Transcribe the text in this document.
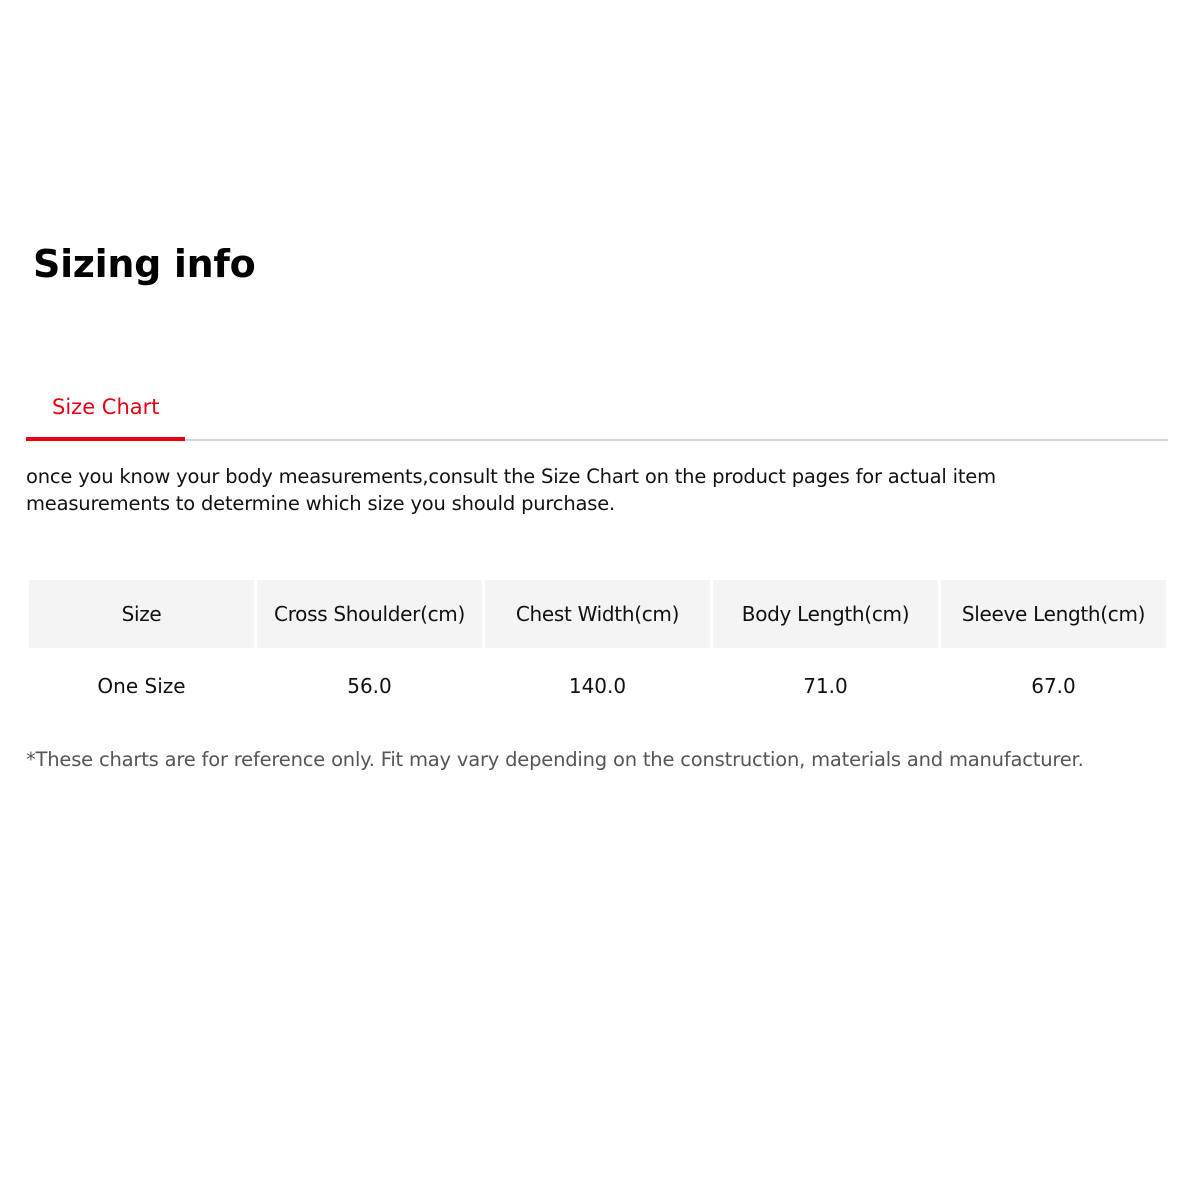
Sizing info
Size Chart

once you know your body measurements,consult the Size Chart on the product pages for actual item measurements to determine which size you should purchase.

Size	Cross Shoulder(cm)	Chest Width(cm)	Body Length(cm)	Sleeve Length(cm)
One Size	56.0	140.0	71.0	67.0

*These charts are for reference only. Fit may vary depending on the construction, materials and manufacturer.
